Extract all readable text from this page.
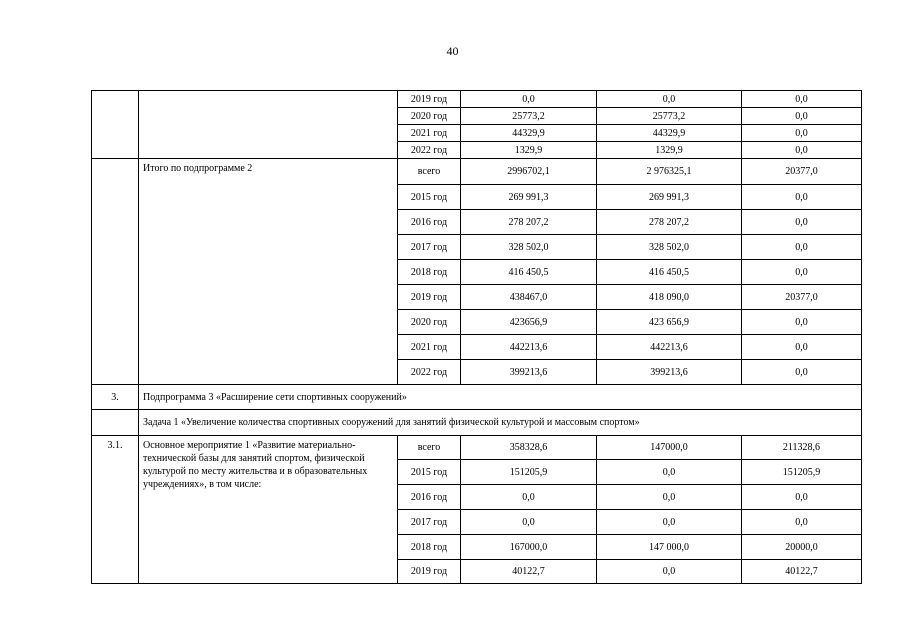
40
		2019 год	0,0	0,0	0,0
		2020 год	25773,2	25773,2	0,0
		2021 год	44329,9	44329,9	0,0
		2022 год	1329,9	1329,9	0,0
	Итого по подпрограмме 2	всего	2996702,1	2 976325,1	20377,0
		2015 год	269 991,3	269 991,3	0,0
		2016 год	278 207,2	278 207,2	0,0
		2017 год	328 502,0	328 502,0	0,0
		2018 год	416 450,5	416 450,5	0,0
		2019 год	438467,0	418 090,0	20377,0
		2020 год	423656,9	423 656,9	0,0
		2021 год	442213,6	442213,6	0,0
		2022 год	399213,6	399213,6	0,0
3.	Подпрограмма 3 «Расширение сети спортивных сооружений»				
	Задача 1 «Увеличение количества спортивных сооружений для занятий физической культурой и массовым спортом»				
3.1.	Основное мероприятие 1 «Развитие материально-технической базы для занятий спортом, физической культурой по месту жительства и в образовательных учреждениях», в том числе:	всего	358328,6	147000,0	211328,6
		2015 год	151205,9	0,0	151205,9
		2016 год	0,0	0,0	0,0
		2017 год	0,0	0,0	0,0
		2018 год	167000,0	147 000,0	20000,0
		2019 год	40122,7	0,0	40122,7
